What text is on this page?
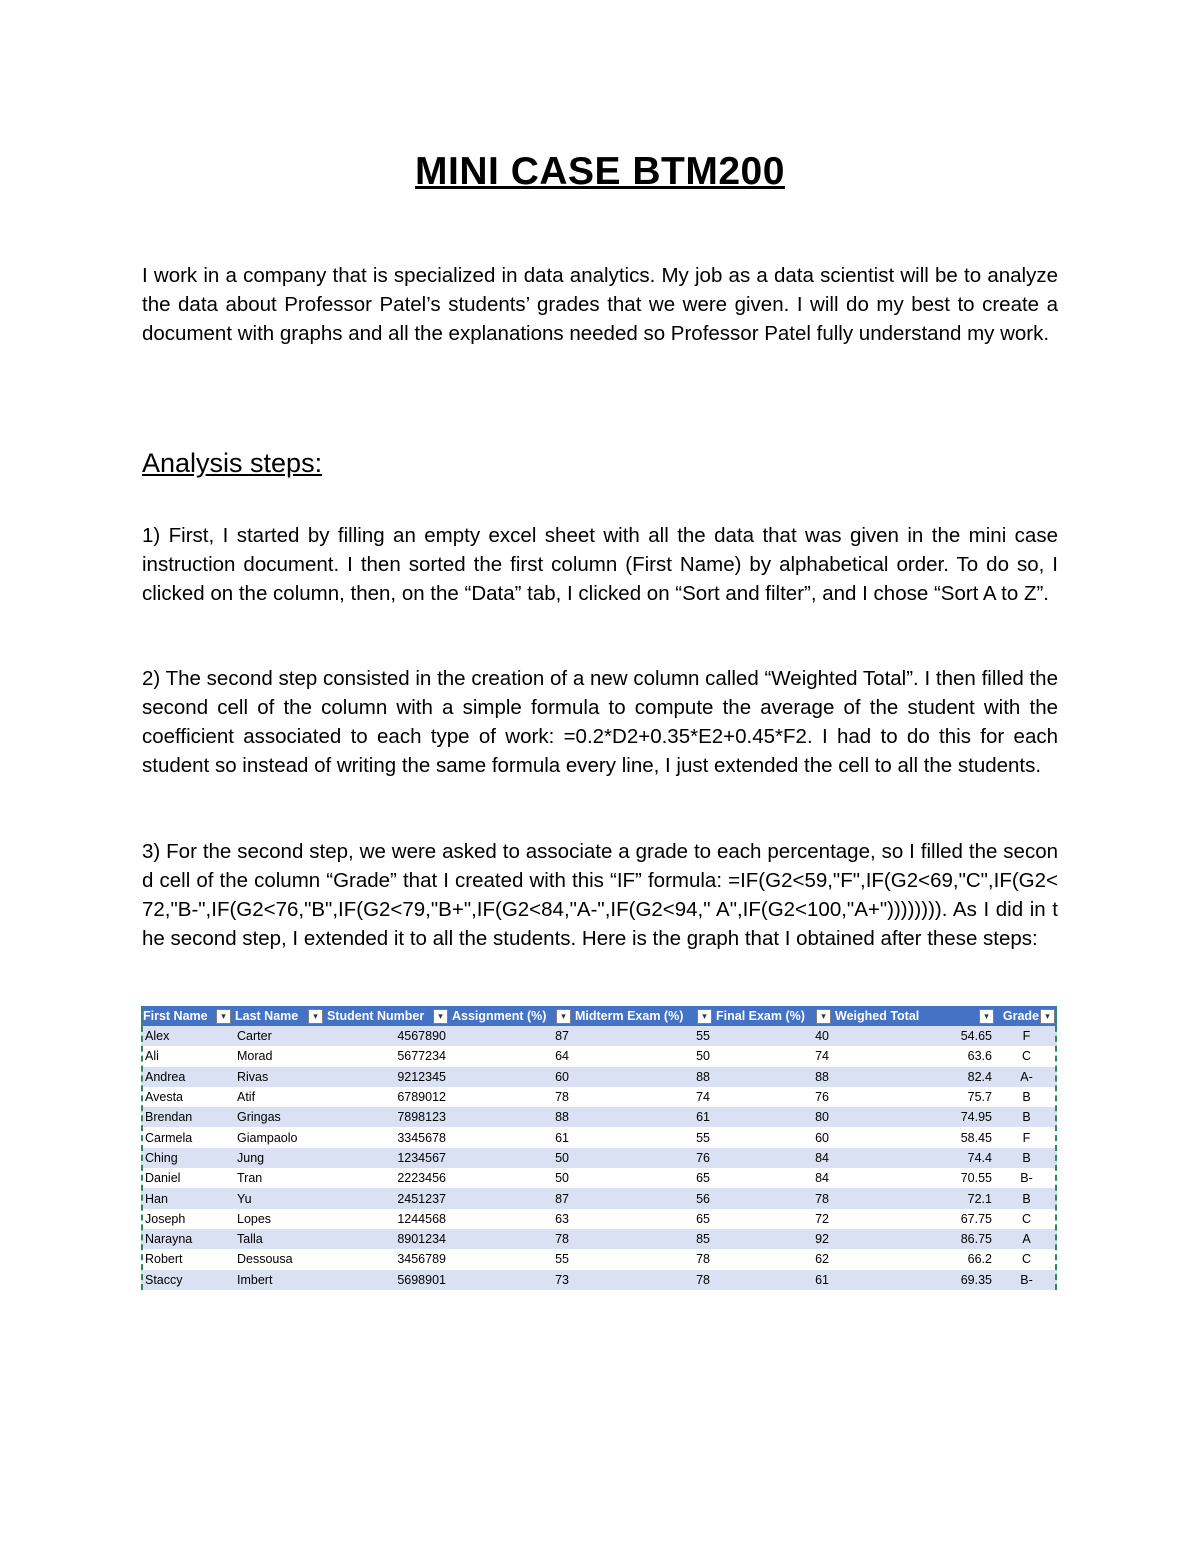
MINI CASE BTM200

I work in a company that is specialized in data analytics. My job as a data scientist will be to analyze the data about Professor Patel’s students’ grades that we were given. I will do my best to create a document with graphs and all the explanations needed so Professor Patel fully understand my work.

Analysis steps:

1) First, I started by filling an empty excel sheet with all the data that was given in the mini case instruction document. I then sorted the first column (First Name) by alphabetical order. To do so, I clicked on the column, then, on the “Data” tab, I clicked on “Sort and filter”, and I chose “Sort A to Z”.

2) The second step consisted in the creation of a new column called “Weighted Total”. I then filled the second cell of the column with a simple formula to compute the average of the student with the coefficient associated to each type of work: =0.2*D2+0.35*E2+0.45*F2. I had to do this for each student so instead of writing the same formula every line, I just extended the cell to all the students.

3) For the second step, we were asked to associate a grade to each percentage, so I filled the second cell of the column “Grade” that I created with this “IF” formula: =IF(G2<59,"F",IF(G2<69,"C",IF(G2<72,"B-",IF(G2<76,"B",IF(G2<79,"B+",IF(G2<84,"A-",IF(G2<94," A",IF(G2<100,"A+")))))))). As I did in the second step, I extended it to all the students. Here is the graph that I obtained after these steps:

First Name ▾	Last Name ▾	Student Number ▾	Assignment (%) ▾	Midterm Exam (%) ▾	Final Exam (%) ▾	Weighed Total ▾	Grade ▾

Alex	Carter	4567890	87	55	40	54.65	F
Ali	Morad	5677234	64	50	74	63.6	C
Andrea	Rivas	9212345	60	88	88	82.4	A-
Avesta	Atif	6789012	78	74	76	75.7	B
Brendan	Gringas	7898123	88	61	80	74.95	B
Carmela	Giampaolo	3345678	61	55	60	58.45	F
Ching	Jung	1234567	50	76	84	74.4	B
Daniel	Tran	2223456	50	65	84	70.55	B-
Han	Yu	2451237	87	56	78	72.1	B
Joseph	Lopes	1244568	63	65	72	67.75	C
Narayna	Talla	8901234	78	85	92	86.75	A
Robert	Dessousa	3456789	55	78	62	66.2	C
Staccy	Imbert	5698901	73	78	61	69.35	B-
